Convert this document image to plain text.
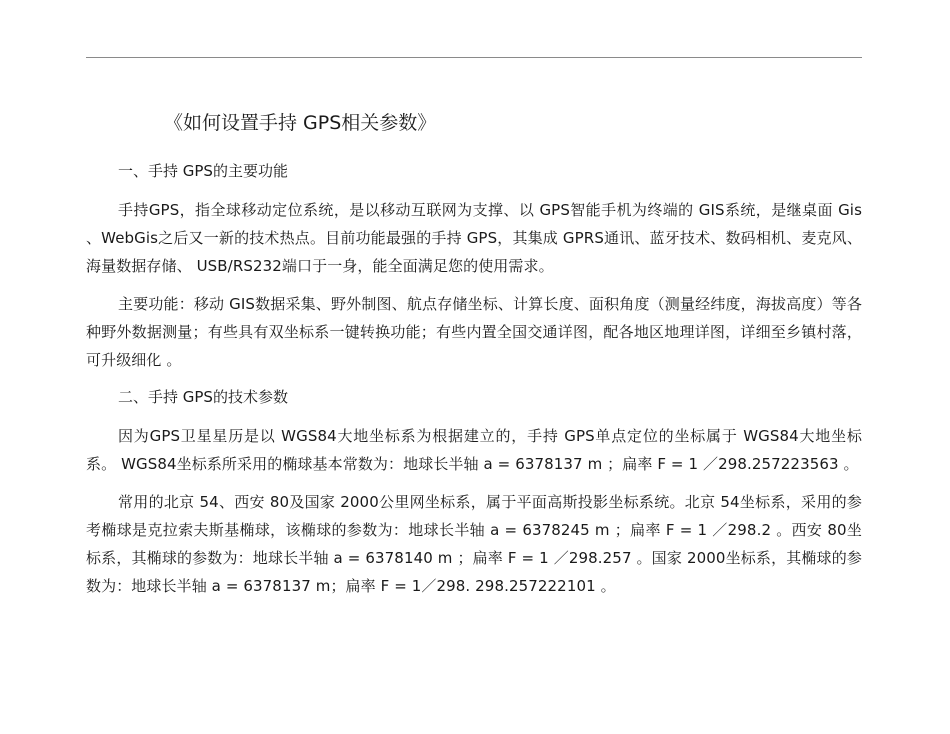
《如何设置手持 GPS相关参数》
一、手持 GPS的主要功能

手持GPS，指全球移动定位系统，是以移动互联网为支撑、以 GPS智能手机为终端的 GIS系统，是继桌面 Gis 、WebGis之后又一新的技术热点。目前功能最强的手持 GPS，其集成 GPRS通讯、蓝牙技术、数码相机、麦克风、海量数据存储、 USB/RS232端口于一身，能全面满足您的使用需求。

主要功能：移动 GIS数据采集、野外制图、航点存储坐标、计算长度、面积角度（测量经纬度，海拔高度）等各种野外数据测量；有些具有双坐标系一键转换功能；有些内置全国交通详图，配各地区地理详图，详细至乡镇村落，可升级细化 。

二、手持 GPS的技术参数

因为GPS卫星星历是以 WGS84大地坐标系为根据建立的，手持 GPS单点定位的坐标属于 WGS84大地坐标系。 WGS84坐标系所采用的椭球基本常数为：地球长半轴 a = 6378137 m ；扁率 F = 1 ／298.257223563 。

常用的北京 54、西安 80及国家 2000公里网坐标系，属于平面高斯投影坐标系统。北京 54坐标系，采用的参考椭球是克拉索夫斯基椭球，该椭球的参数为：地球长半轴 a = 6378245 m ；扁率 F = 1 ／298.2 。西安 80坐标系，其椭球的参数为：地球长半轴 a = 6378140 m ；扁率 F = 1 ／298.257 。国家 2000坐标系，其椭球的参数为：地球长半轴 a = 6378137 m；扁率 F = 1／298. 298.257222101 。
